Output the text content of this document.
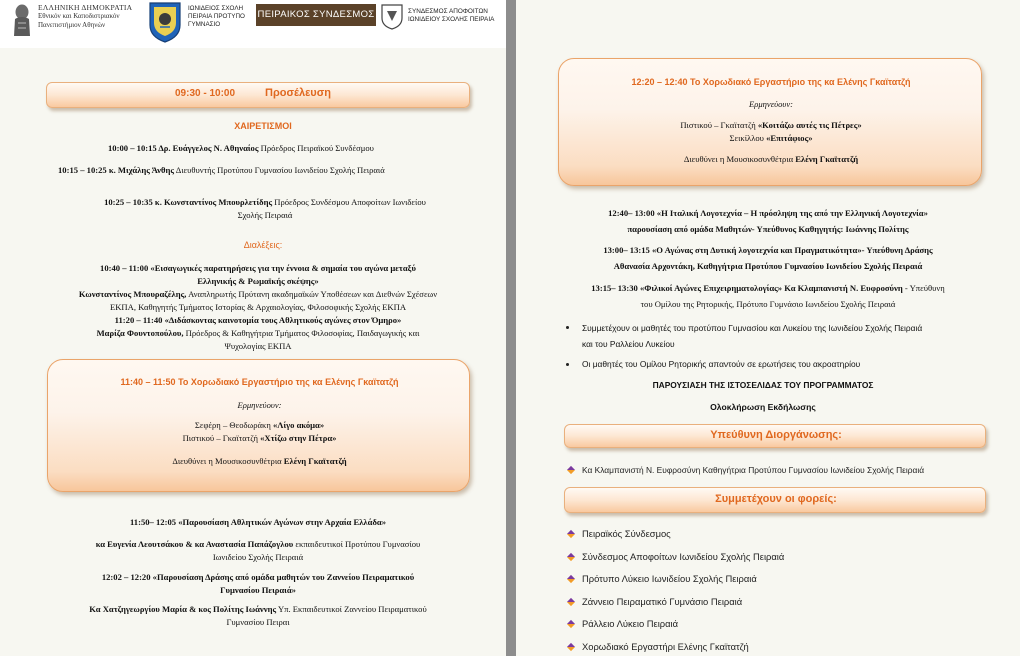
ΕΛΛΗΝΙΚΗ ΔΗΜΟΚΡΑΤΙΑ
Εθνικόν και Καποδιστριακόν
Πανεπιστήμιον Αθηνών
ΙΩΝΙΔΕΙΟΣ ΣΧΟΛΗ
ΠΕΙΡΑΙΑ ΠΡΟΤΥΠΟ
ΓΥΜΝΑΣΙΟ
ΠΕΙΡΑΙΚΟΣ ΣΥΝΔΕΣΜΟΣ	ΣΥΝΔΕΣΜΟΣ ΑΠΟΦΟΙΤΩΝ
ΙΩΝΙΔΕΙΟΥ ΣΧΟΛΗΣ ΠΕΙΡΑΙΑ
09:30 - 10:00	Προσέλευση
ΧΑΙΡΕΤΙΣΜΟΙ
10:00 – 10:15 Δρ. Ευάγγελος Ν. Αθηναίος Πρόεδρος Πειραϊκού Συνδέσμου
10:15 – 10:25 κ. Μιχάλης Άνθης Διευθυντής Προτύπου Γυμνασίου Ιωνιδείου Σχολής Πειραιά
10:25 – 10:35 κ. Κωνσταντίνος Μπουρλετίδης Πρόεδρος Συνδέσμου Αποφοίτων Ιωνιδείου
Σχολής Πειραιά
Διαλέξεις:
10:40 – 11:00 «Εισαγωγικές παρατηρήσεις για την έννοια & σημαία του αγώνα μεταξύ
Ελληνικής & Ρωμαϊκής σκέψης»
Κωνσταντίνος Μπουραζέλης, Αναπληρωτής Πρύτανη ακαδημαϊκών Υποθέσεων και Διεθνών Σχέσεων
ΕΚΠΑ, Καθηγητής Τμήματος Ιστορίας & Αρχαιολογίας, Φιλοσοφικής Σχολής ΕΚΠΑ
11:20 – 11:40 «Διδάσκοντας καινοτομία τους Αθλητικούς αγώνες στον Όμηρο»
Μαρίζα Φουντοπούλου, Πρόεδρος & Καθηγήτρια Τμήματος Φιλοσοφίας, Παιδαγωγικής και
Ψυχολογίας ΕΚΠΑ
11:40 – 11:50 Το Χορωδιακό Εργαστήριο της κα Ελένης Γκαϊτατζή
Ερμηνεύουν:
Σεφέρη – Θεοδωράκη «Λίγο ακόμα»
Πιστικού – Γκαϊτατζή «Χτίζω στην Πέτρα»
Διευθύνει η Μουσικοσυνθέτρια Ελένη Γκαϊτατζή
11:50– 12:05 «Παρουσίαση Αθλητικών Αγώνων στην Αρχαία Ελλάδα»
κα Ευγενία Λεουτσάκου & κα Αναστασία Παπάζογλου εκπαιδευτικοί Προτύπου Γυμνασίου
Ιωνιδείου Σχολής Πειραιά
12:02 – 12:20 «Παρουσίαση Δράσης από ομάδα μαθητών του Ζαννείου Πειραματικού
Γυμνασίου Πειραιά»
Κα Χατζηγεωργίου Μαρία & κος Πολίτης Ιωάννης Υπ. Εκπαιδευτικοί Ζαννείου Πειραματικού
Γυμνασίου Πειραι
12:20 – 12:40 Το Χορωδιακό Εργαστήριο της κα Ελένης Γκαϊτατζή
Ερμηνεύουν:
Πιστικού – Γκαϊτατζή «Κοιτάζω αυτές τις Πέτρες»
Σεικίλλου «Επιτάφιος»
Διευθύνει η Μουσικοσυνθέτρια Ελένη Γκαϊτατζή
12:40– 13:00 «Η Ιταλική Λογοτεχνία – Η πρόσληψη της από την Ελληνική Λογοτεχνία»
παρουσίαση από ομάδα Μαθητών- Υπεύθυνος Καθηγητής: Ιωάννης Πολίτης
13:00– 13:15 «Ο Αγώνας στη Δυτική λογοτεχνία και Πραγματικότητα»- Υπεύθυνη Δράσης
Αθανασία Αρχοντάκη, Καθηγήτρια Προτύπου Γυμνασίου Ιωνιδείου Σχολής Πειραιά
13:15– 13:30 «Φιλικοί Αγώνες Επιχειρηματολογίας» Κα Κλαμπανιστή Ν. Ευφροσύνη - Υπεύθυνη
του Ομίλου της Ρητορικής, Πρότυπο Γυμνάσιο Ιωνιδείου Σχολής Πειραιά
Συμμετέχουν οι μαθητές του προτύπου Γυμνασίου και Λυκείου της Ιωνιδείου Σχολής Πειραιά
και του Ραλλείου Λυκείου
Οι μαθητές του Ομίλου Ρητορικής απαντούν σε ερωτήσεις του ακροατηρίου
ΠΑΡΟΥΣΙΑΣΗ ΤΗΣ ΙΣΤΟΣΕΛΙΔΑΣ ΤΟΥ ΠΡΟΓΡΑΜΜΑΤΟΣ
Ολοκλήρωση Εκδήλωσης
Υπεύθυνη Διοργάνωσης:
Κα Κλαμπανιστή Ν. Ευφροσύνη Καθηγήτρια Προτύπου Γυμνασίου Ιωνιδείου Σχολής Πειραιά
Συμμετέχουν οι φορείς:
Πειραϊκός Σύνδεσμος
Σύνδεσμος Αποφοίτων Ιωνιδείου Σχολής Πειραιά
Πρότυπο Λύκειο Ιωνιδείου Σχολής Πειραιά
Ζάννειο Πειραματικό Γυμνάσιο Πειραιά
Ράλλειο Λύκειο Πειραιά
Χορωδιακό Εργαστήρι Ελένης Γκαϊτατζή
